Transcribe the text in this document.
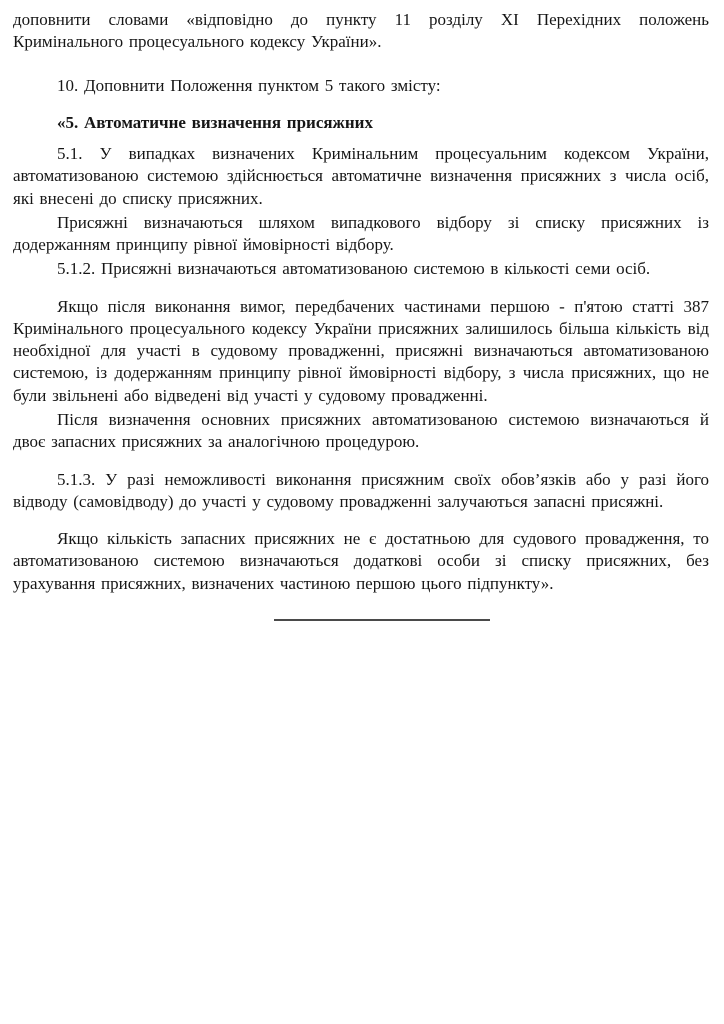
доповнити словами «відповідно до пункту 11 розділу XI Перехідних положень Кримінального процесуального кодексу України».

10. Доповнити Положення пунктом 5 такого змісту:

«5. Автоматичне визначення присяжних

5.1. У випадках визначених Кримінальним процесуальним кодексом України, автоматизованою системою здійснюється автоматичне визначення присяжних з числа осіб, які внесені до списку присяжних.

Присяжні визначаються шляхом випадкового відбору зі списку присяжних із додержанням принципу рівної ймовірності відбору.

5.1.2. Присяжні визначаються автоматизованою системою в кількості семи осіб.

Якщо після виконання вимог, передбачених частинами першою - п'ятою статті 387 Кримінального процесуального кодексу України присяжних залишилось більша кількість від необхідної для участі в судовому провадженні, присяжні визначаються автоматизованою системою, із додержанням принципу рівної ймовірності відбору, з числа присяжних, що не були звільнені або відведені від участі у судовому провадженні.

Після визначення основних присяжних автоматизованою системою визначаються й двоє запасних присяжних за аналогічною процедурою.

5.1.3. У разі неможливості виконання присяжним своїх обов’язків або у разі його відводу (самовідводу) до участі у судовому провадженні залучаються запасні присяжні.

Якщо кількість запасних присяжних не є достатньою для судового провадження, то автоматизованою системою визначаються додаткові особи зі списку присяжних, без урахування присяжних, визначених частиною першою цього підпункту».
